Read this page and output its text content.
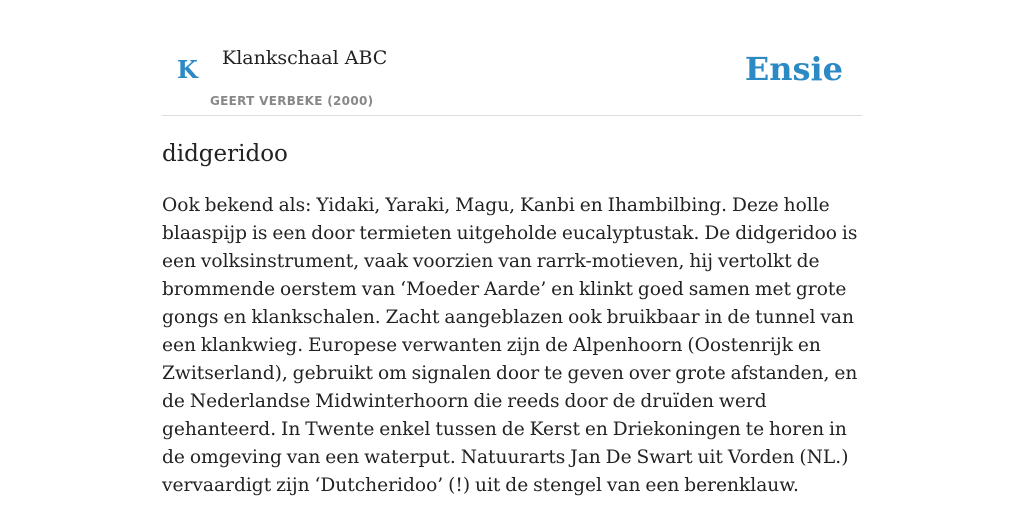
K Klankschaal ABC
GEERT VERBEKE (2000)
Ensie
didgeridoo

Ook bekend als: Yidaki, Yaraki, Magu, Kanbi en Ihambilbing. Deze holle blaaspijp is een door termieten uitgeholde eucalyptustak. De didgeridoo is een volksinstrument, vaak voorzien van rarrk-motieven, hij vertolkt de brommende oerstem van ‘Moeder Aarde’ en klinkt goed samen met grote gongs en klankschalen. Zacht aangeblazen ook bruikbaar in de tunnel van een klankwieg. Europese verwanten zijn de Alpenhoorn (Oostenrijk en Zwitserland), gebruikt om signalen door te geven over grote afstanden, en de Nederlandse Midwinterhoorn die reeds door de druïden werd gehanteerd. In Twente enkel tussen de Kerst en Driekoningen te horen in de omgeving van een waterput. Natuurarts Jan De Swart uit Vorden (NL.) vervaardigt zijn ‘Dutcheridoo’ (!) uit de stengel van een berenklauw.
